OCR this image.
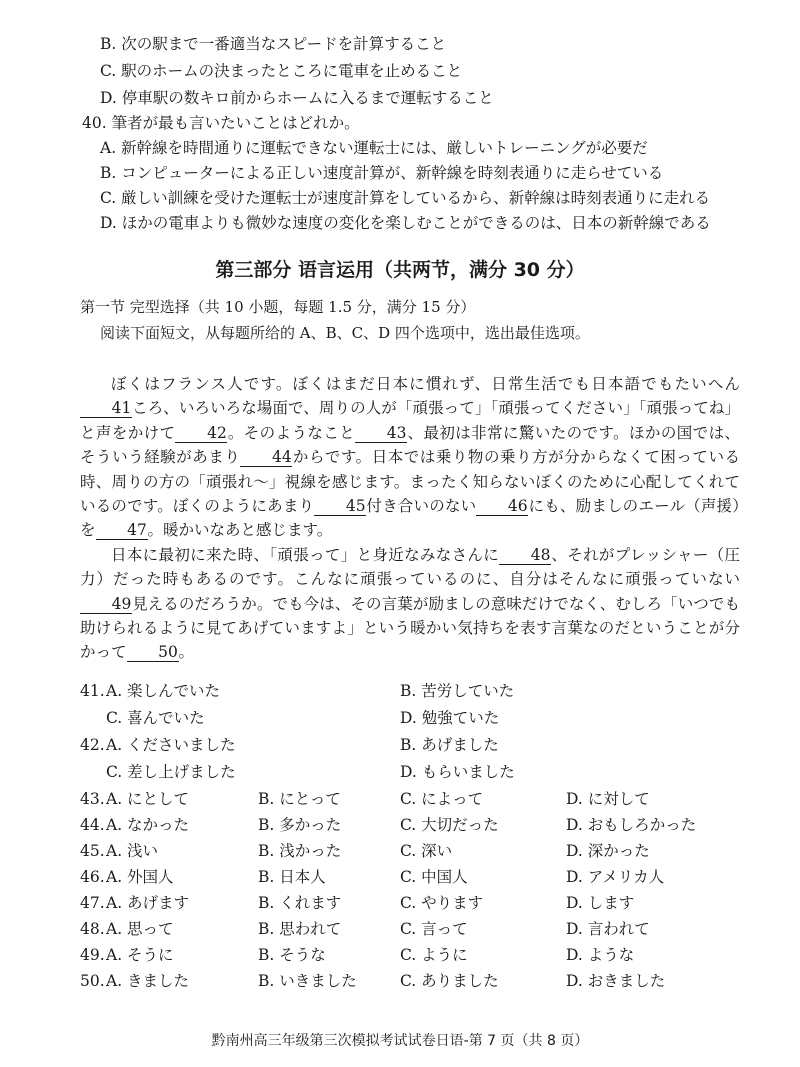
B. 次の駅まで一番適当なスピードを計算すること
C. 駅のホームの決まったところに電車を止めること
D. 停車駅の数キロ前からホームに入るまで運転すること
40. 筆者が最も言いたいことはどれか。
A. 新幹線を時間通りに運転できない運転士には、厳しいトレーニングが必要だ
B. コンピューターによる正しい速度計算が、新幹線を時刻表通りに走らせている
C. 厳しい訓練を受けた運転士が速度計算をしているから、新幹線は時刻表通りに走れる
D. ほかの電車よりも微妙な速度の変化を楽しむことができるのは、日本の新幹線である
第三部分 语言运用（共两节，满分 30 分）
第一节 完型选择（共 10 小题，每题 1.5 分，满分 15 分）
阅读下面短文，从每题所给的 A、B、C、D 四个选项中，选出最佳选项。

ぼくはフランス人です。ぼくはまだ日本に慣れず、日常生活でも日本語でもたいへん41ころ、いろいろな場面で、周りの人が「頑張って」「頑張ってください」「頑張ってね」と声をかけて 42。そのようなこと 43、最初は非常に驚いたのです。ほかの国では、そういう経験があまり 44からです。日本では乗り物の乗り方が分からなくて困っている時、周りの方の「頑張れ～」視線を感じます。まったく知らないぼくのために心配してくれているのです。ぼくのようにあまり 45付き合いのない 46にも、励ましのエール（声援）を 47。暖かいなあと感じます。

日本に最初に来た時、「頑張って」と身近なみなさんに 48、それがプレッシャー（圧力）だった時もあるのです。こんなに頑張っているのに、自分はそんなに頑張っていない49見えるのだろうか。でも今は、その言葉が励ましの意味だけでなく、むしろ「いつでも助けられるように見てあげていますよ」という暖かい気持ちを表す言葉なのだということが分かって 50。

41. A. 楽しんでいた	B. 苦労していた
C. 喜んでいた	D. 勉強ていた
42. A. くださいました	B. あげました
C. 差し上げました	D. もらいました
43. A. にとして	B. にとって	C. によって	D. に対して
44. A. なかった	B. 多かった	C. 大切だった	D. おもしろかった
45. A. 浅い	B. 浅かった	C. 深い	D. 深かった
46. A. 外国人	B. 日本人	C. 中国人	D. アメリカ人
47. A. あげます	B. くれます	C. やります	D. します
48. A. 思って	B. 思われて	C. 言って	D. 言われて
49. A. そうに	B. そうな	C. ように	D. ような
50. A. きました	B. いきました	C. ありました	D. おきました
黔南州高三年级第三次模拟考试试卷日语-第 7 页（共 8 页）
